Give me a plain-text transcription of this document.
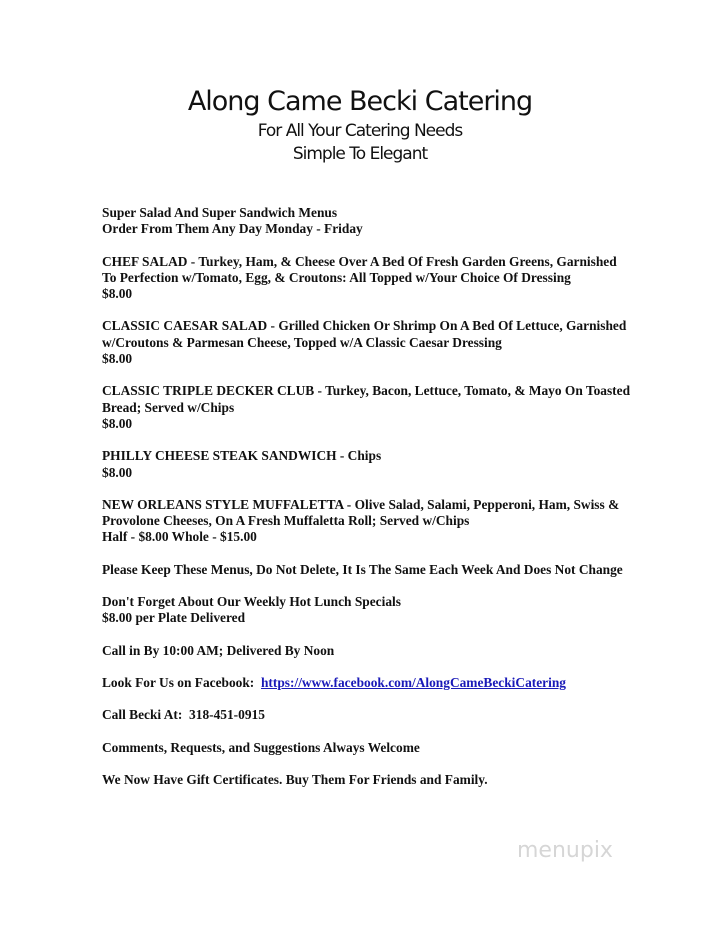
Along Came Becki Catering
For All Your Catering Needs
Simple To Elegant
Super Salad And Super Sandwich Menus
Order From Them Any Day Monday - Friday
CHEF SALAD - Turkey, Ham, & Cheese Over A Bed Of Fresh Garden Greens, Garnished To Perfection w/Tomato, Egg, & Croutons: All Topped w/Your Choice Of Dressing
$8.00
CLASSIC CAESAR SALAD - Grilled Chicken Or Shrimp On A Bed Of Lettuce, Garnished w/Croutons & Parmesan Cheese, Topped w/A Classic Caesar Dressing
$8.00
CLASSIC TRIPLE DECKER CLUB - Turkey, Bacon, Lettuce, Tomato, & Mayo On Toasted Bread; Served w/Chips
$8.00
PHILLY CHEESE STEAK SANDWICH - Chips
$8.00
NEW ORLEANS STYLE MUFFALETTA - Olive Salad, Salami, Pepperoni, Ham, Swiss & Provolone Cheeses, On A Fresh Muffaletta Roll; Served w/Chips
Half - $8.00 Whole - $15.00
Please Keep These Menus, Do Not Delete, It Is The Same Each Week And Does Not Change
Don't Forget About Our Weekly Hot Lunch Specials
$8.00 per Plate Delivered
Call in By 10:00 AM; Delivered By Noon
Look For Us on Facebook: https://www.facebook.com/AlongCameBeckiCatering
Call Becki At: 318-451-0915
Comments, Requests, and Suggestions Always Welcome
We Now Have Gift Certificates. Buy Them For Friends and Family.
menupix
